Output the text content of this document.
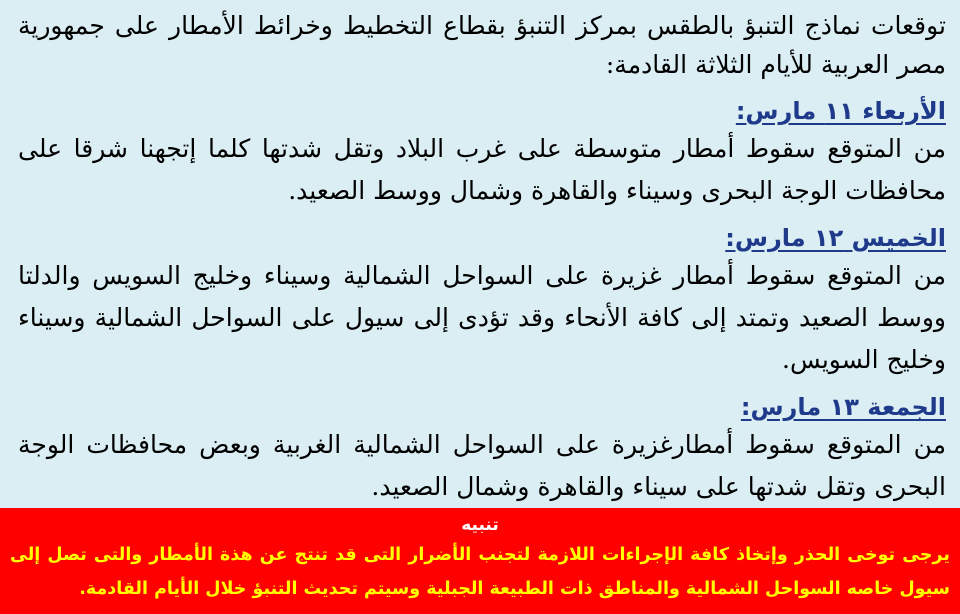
توقعات نماذج التنبؤ بالطقس بمركز التنبؤ بقطاع التخطيط وخرائط الأمطار على جمهورية مصر العربية للأيام الثلاثة القادمة:

الأربعاء ١١ مارس:

من المتوقع سقوط أمطار متوسطة على غرب البلاد وتقل شدتها كلما إتجهنا شرقا على محافظات الوجة البحرى وسيناء والقاهرة وشمال ووسط الصعيد.

الخميس ١٢ مارس:

من المتوقع سقوط أمطار غزيرة على السواحل الشمالية وسيناء وخليج السويس والدلتا ووسط الصعيد وتمتد إلى كافة الأنحاء وقد تؤدى إلى سيول على السواحل الشمالية وسيناء وخليج السويس.

الجمعة ١٣ مارس:

من المتوقع سقوط أمطارغزيرة على السواحل الشمالية الغربية وبعض محافظات الوجة البحرى وتقل شدتها على سيناء والقاهرة وشمال الصعيد.

تنبيه
يرجى توخى الحذر وإتخاذ كافة الإجراءات اللازمة لتجنب الأضرار التى قد تنتج عن هذة الأمطار والتى تصل إلى سيول خاصه السواحل الشمالية والمناطق ذات الطبيعة الجبلية وسيتم تحديث التنبؤ خلال الأيام القادمة.
